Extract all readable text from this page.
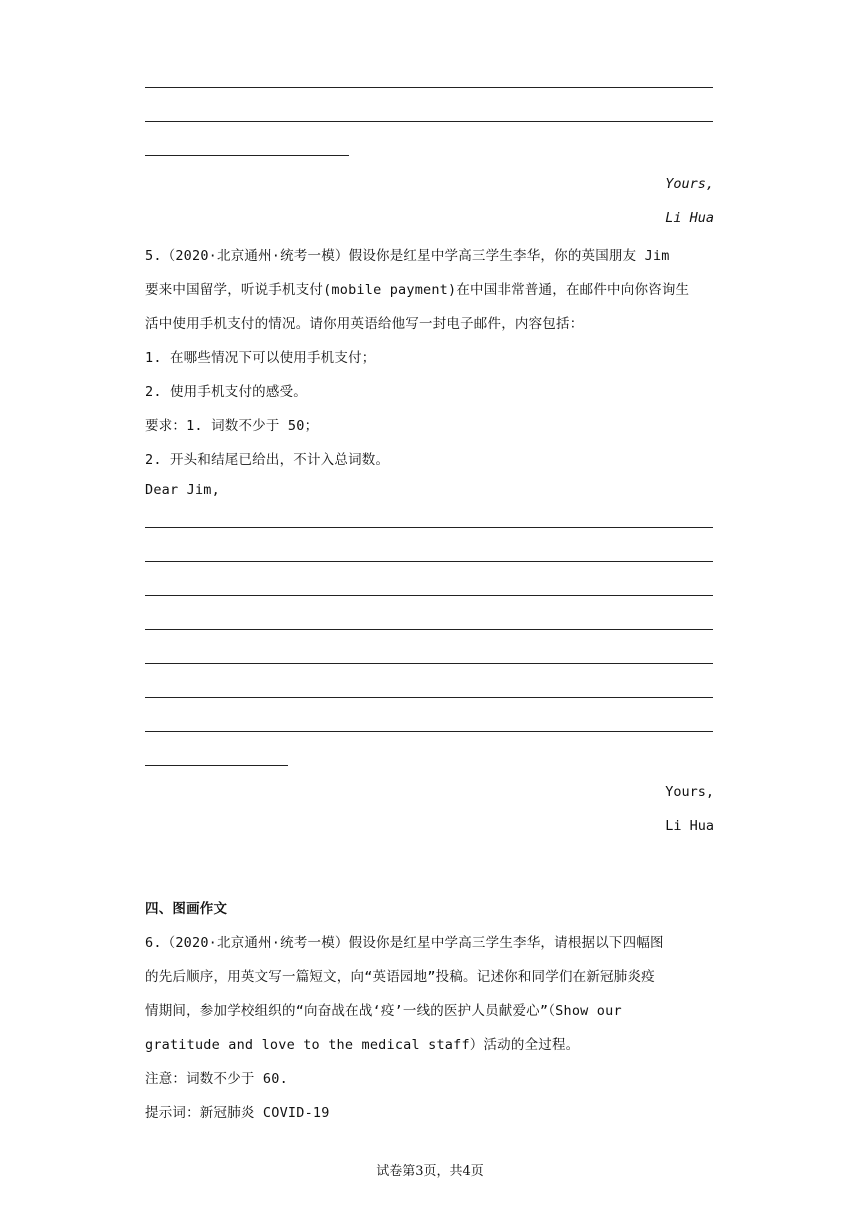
Yours,
Li Hua
5.（2020·北京通州·统考一模）假设你是红星中学高三学生李华，你的英国朋友 Jim
要来中国留学，听说手机支付(mobile payment)在中国非常普通，在邮件中向你咨询生
活中使用手机支付的情况。请你用英语给他写一封电子邮件，内容包括：
1. 在哪些情况下可以使用手机支付；
2. 使用手机支付的感受。
要求：1. 词数不少于 50；
2. 开头和结尾已给出，不计入总词数。
Dear Jim,
Yours,
Li Hua
四、图画作文
6.（2020·北京通州·统考一模）假设你是红星中学高三学生李华，请根据以下四幅图
的先后顺序，用英文写一篇短文，向“英语园地”投稿。记述你和同学们在新冠肺炎疫
情期间，参加学校组织的“向奋战在战‘疫’一线的医护人员献爱心”（Show our
gratitude and love to the medical staff）活动的全过程。
注意：词数不少于 60.
提示词：新冠肺炎 COVID-19
试卷第3页，共4页
